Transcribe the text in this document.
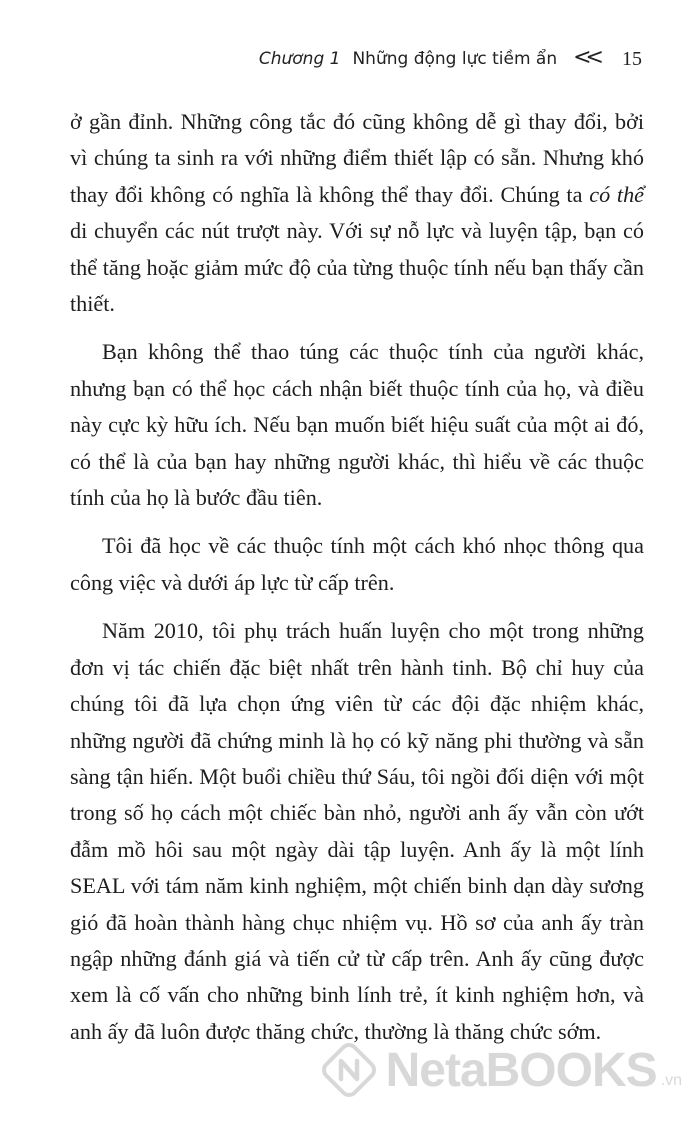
Chương 1 Những động lực tiềm ẩn << 15

ở gần đỉnh. Những công tắc đó cũng không dễ gì thay đổi, bởi vì chúng ta sinh ra với những điểm thiết lập có sẵn. Nhưng khó thay đổi không có nghĩa là không thể thay đổi. Chúng ta có thể di chuyển các nút trượt này. Với sự nỗ lực và luyện tập, bạn có thể tăng hoặc giảm mức độ của từng thuộc tính nếu bạn thấy cần thiết.

Bạn không thể thao túng các thuộc tính của người khác, nhưng bạn có thể học cách nhận biết thuộc tính của họ, và điều này cực kỳ hữu ích. Nếu bạn muốn biết hiệu suất của một ai đó, có thể là của bạn hay những người khác, thì hiểu về các thuộc tính của họ là bước đầu tiên.

Tôi đã học về các thuộc tính một cách khó nhọc thông qua công việc và dưới áp lực từ cấp trên.

Năm 2010, tôi phụ trách huấn luyện cho một trong những đơn vị tác chiến đặc biệt nhất trên hành tinh. Bộ chỉ huy của chúng tôi đã lựa chọn ứng viên từ các đội đặc nhiệm khác, những người đã chứng minh là họ có kỹ năng phi thường và sẵn sàng tận hiến. Một buổi chiều thứ Sáu, tôi ngồi đối diện với một trong số họ cách một chiếc bàn nhỏ, người anh ấy vẫn còn ướt đẫm mồ hôi sau một ngày dài tập luyện. Anh ấy là một lính SEAL với tám năm kinh nghiệm, một chiến binh dạn dày sương gió đã hoàn thành hàng chục nhiệm vụ. Hồ sơ của anh ấy tràn ngập những đánh giá và tiến cử từ cấp trên. Anh ấy cũng được xem là cố vấn cho những binh lính trẻ, ít kinh nghiệm hơn, và anh ấy đã luôn được thăng chức, thường là thăng chức sớm.

NetaBOOKS .vn
